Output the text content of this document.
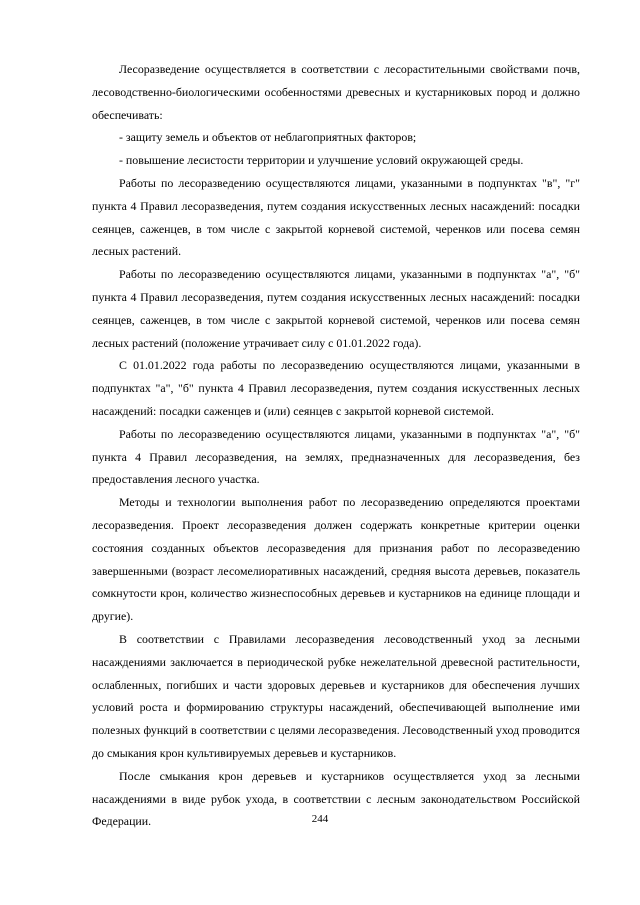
Лесоразведение осуществляется в соответствии с лесорастительными свойствами почв, лесоводственно-биологическими особенностями древесных и кустарниковых пород и должно обеспечивать:

- защиту земель и объектов от неблагоприятных факторов;

- повышение лесистости территории и улучшение условий окружающей среды.

Работы по лесоразведению осуществляются лицами, указанными в подпунктах "в", "г" пункта 4 Правил лесоразведения, путем создания искусственных лесных насаждений: посадки сеянцев, саженцев, в том числе с закрытой корневой системой, черенков или посева семян лесных растений.

Работы по лесоразведению осуществляются лицами, указанными в подпунктах "а", "б" пункта 4 Правил лесоразведения, путем создания искусственных лесных насаждений: посадки сеянцев, саженцев, в том числе с закрытой корневой системой, черенков или посева семян лесных растений (положение утрачивает силу с 01.01.2022 года).

С 01.01.2022 года работы по лесоразведению осуществляются лицами, указанными в подпунктах "а", "б" пункта 4 Правил лесоразведения, путем создания искусственных лесных насаждений: посадки саженцев и (или) сеянцев с закрытой корневой системой.

Работы по лесоразведению осуществляются лицами, указанными в подпунктах "а", "б" пункта 4 Правил лесоразведения, на землях, предназначенных для лесоразведения, без предоставления лесного участка.

Методы и технологии выполнения работ по лесоразведению определяются проектами лесоразведения. Проект лесоразведения должен содержать конкретные критерии оценки состояния созданных объектов лесоразведения для признания работ по лесоразведению завершенными (возраст лесомелиоративных насаждений, средняя высота деревьев, показатель сомкнутости крон, количество жизнеспособных деревьев и кустарников на единице площади и другие).

В соответствии с Правилами лесоразведения лесоводственный уход за лесными насаждениями заключается в периодической рубке нежелательной древесной растительности, ослабленных, погибших и части здоровых деревьев и кустарников для обеспечения лучших условий роста и формированию структуры насаждений, обеспечивающей выполнение ими полезных функций в соответствии с целями лесоразведения. Лесоводственный уход проводится до смыкания крон культивируемых деревьев и кустарников.

После смыкания крон деревьев и кустарников осуществляется уход за лесными насаждениями в виде рубок ухода, в соответствии с лесным законодательством Российской Федерации.	244
